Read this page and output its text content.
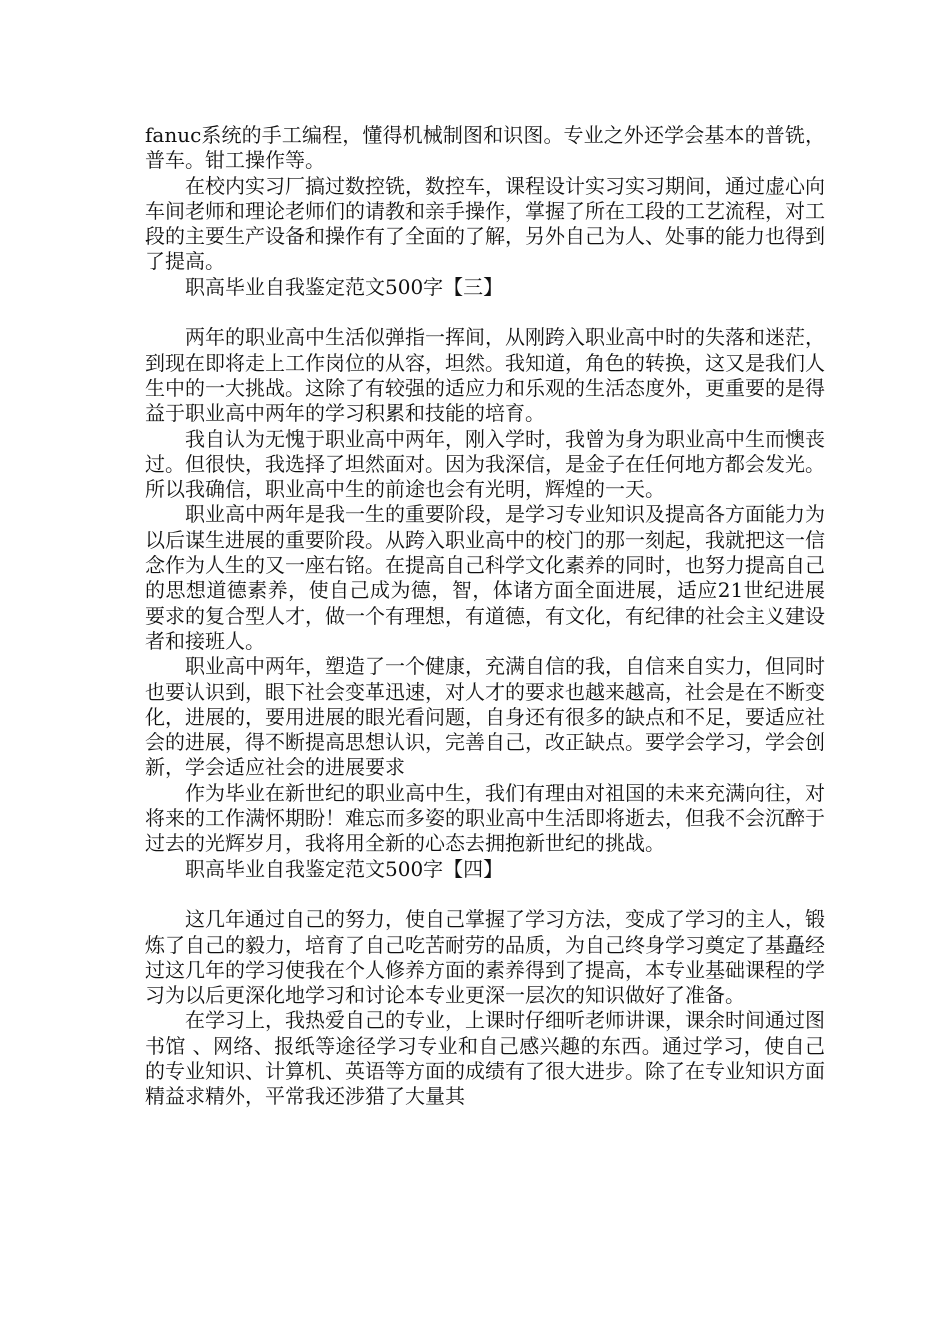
fanuc系统的手工编程，懂得机械制图和识图。专业之外还学会基本的普铣，普车。钳工操作等。

在校内实习厂搞过数控铣，数控车，课程设计实习实习期间，通过虚心向车间老师和理论老师们的请教和亲手操作，掌握了所在工段的工艺流程，对工段的主要生产设备和操作有了全面的了解，另外自己为人、处事的能力也得到了提高。

职高毕业自我鉴定范文500字【三】

两年的职业高中生活似弹指一挥间，从刚跨入职业高中时的失落和迷茫，到现在即将走上工作岗位的从容，坦然。我知道，角色的转换，这又是我们人生中的一大挑战。这除了有较强的适应力和乐观的生活态度外，更重要的是得益于职业高中两年的学习积累和技能的培育。

我自认为无愧于职业高中两年，刚入学时，我曾为身为职业高中生而懊丧过。但很快，我选择了坦然面对。因为我深信，是金子在任何地方都会发光。所以我确信，职业高中生的前途也会有光明，辉煌的一天。

职业高中两年是我一生的重要阶段，是学习专业知识及提高各方面能力为以后谋生进展的重要阶段。从跨入职业高中的校门的那一刻起，我就把这一信念作为人生的又一座右铭。在提高自己科学文化素养的同时，也努力提高自己的思想道德素养，使自己成为德，智，体诸方面全面进展，适应21世纪进展要求的复合型人才，做一个有理想，有道德，有文化，有纪律的社会主义建设者和接班人。

职业高中两年，塑造了一个健康，充满自信的我，自信来自实力，但同时也要认识到，眼下社会变革迅速，对人才的要求也越来越高，社会是在不断变化，进展的，要用进展的眼光看问题，自身还有很多的缺点和不足，要适应社会的进展，得不断提高思想认识，完善自己，改正缺点。要学会学习，学会创新，学会适应社会的进展要求

作为毕业在新世纪的职业高中生，我们有理由对祖国的未来充满向往，对将来的工作满怀期盼！难忘而多姿的职业高中生活即将逝去，但我不会沉醉于过去的光辉岁月，我将用全新的心态去拥抱新世纪的挑战。

职高毕业自我鉴定范文500字【四】

这几年通过自己的努力，使自己掌握了学习方法，变成了学习的主人，锻炼了自己的毅力，培育了自己吃苦耐劳的品质，为自己终身学习奠定了基矗经过这几年的学习使我在个人修养方面的素养得到了提高，本专业基础课程的学习为以后更深化地学习和讨论本专业更深一层次的知识做好了准备。

在学习上，我热爱自己的专业，上课时仔细听老师讲课，课余时间通过图书馆 、网络、报纸等途径学习专业和自己感兴趣的东西。通过学习，使自己的专业知识、计算机、英语等方面的成绩有了很大进步。除了在专业知识方面精益求精外，平常我还涉猎了大量其
